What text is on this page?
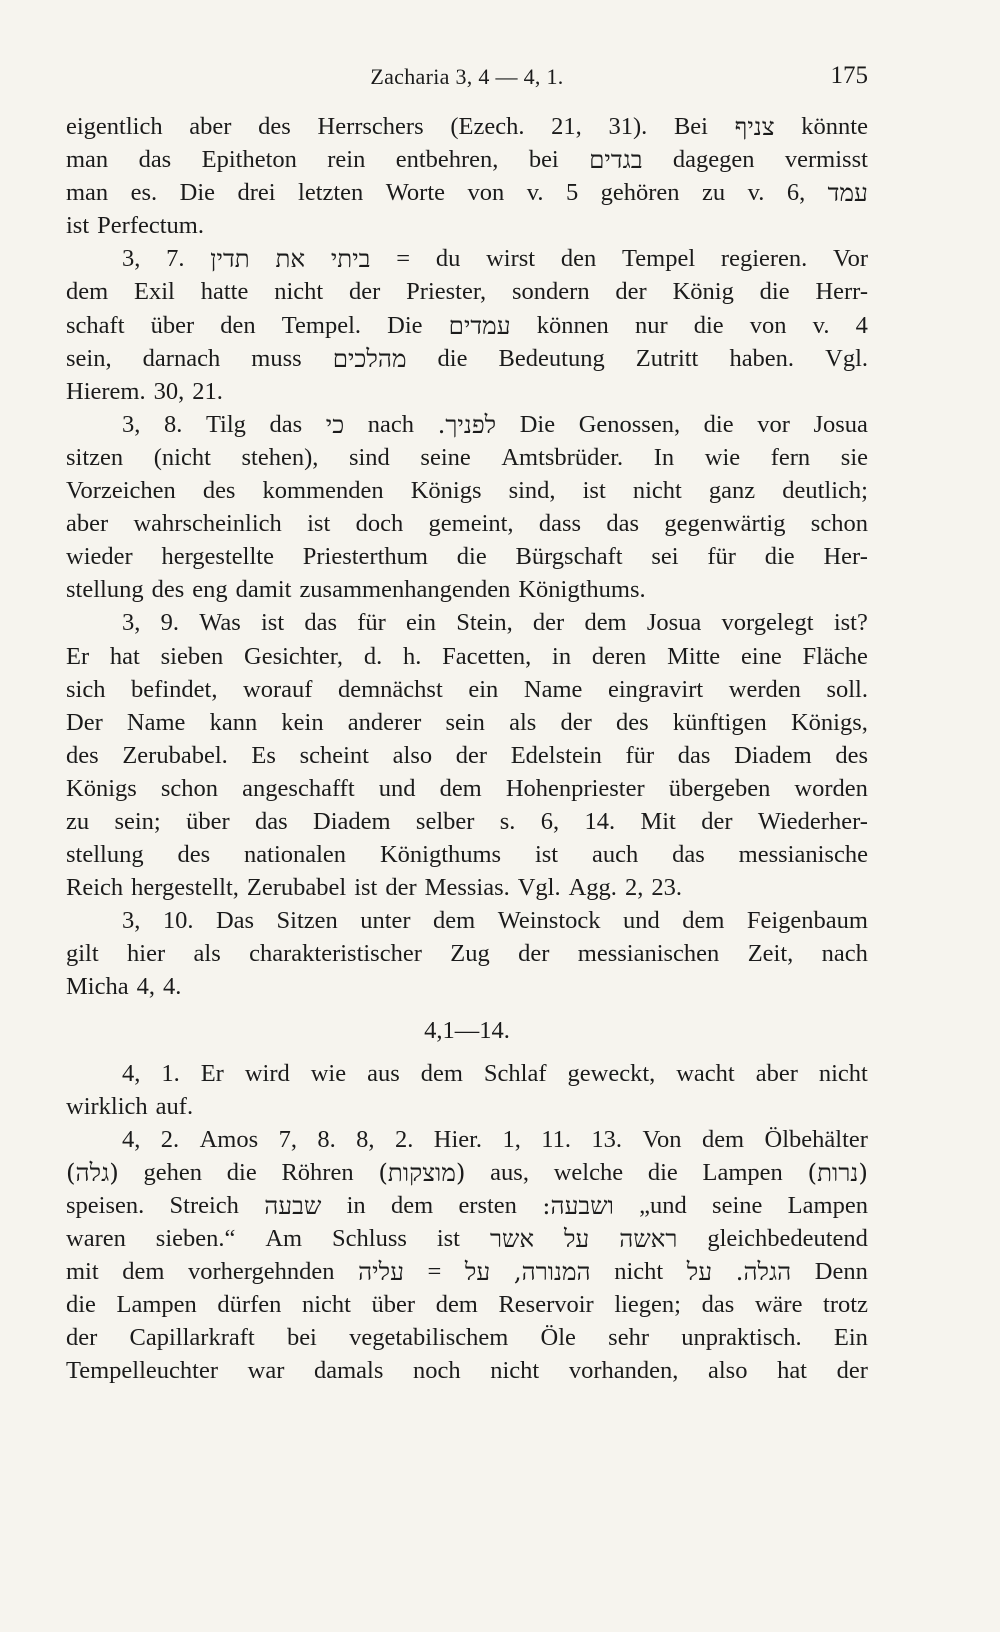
Zacharia 3, 4 — 4, 1.	175
eigentlich aber des Herrschers (Ezech. 21, 31). Bei צניף könnte
man das Epitheton rein entbehren, bei בגדים dagegen vermisst
man es. Die drei letzten Worte von v. 5 gehören zu v. 6, עמד
ist Perfectum.
3, 7. תדין את ביתי = du wirst den Tempel regieren. Vor
dem Exil hatte nicht der Priester, sondern der König die Herr-
schaft über den Tempel. Die עמדים können nur die von v. 4
sein, darnach muss מהלכים die Bedeutung Zutritt haben. Vgl.
Hierem. 30, 21.
3, 8. Tilg das כי nach לפניך. Die Genossen, die vor Josua
sitzen (nicht stehen), sind seine Amtsbrüder. In wie fern sie
Vorzeichen des kommenden Königs sind, ist nicht ganz deutlich;
aber wahrscheinlich ist doch gemeint, dass das gegenwärtig schon
wieder hergestellte Priesterthum die Bürgschaft sei für die Her-
stellung des eng damit zusammenhangenden Königthums.
3, 9. Was ist das für ein Stein, der dem Josua vorgelegt ist?
Er hat sieben Gesichter, d. h. Facetten, in deren Mitte eine Fläche
sich befindet, worauf demnächst ein Name eingravirt werden soll.
Der Name kann kein anderer sein als der des künftigen Königs,
des Zerubabel. Es scheint also der Edelstein für das Diadem des
Königs schon angeschafft und dem Hohenpriester übergeben worden
zu sein; über das Diadem selber s. 6, 14. Mit der Wiederher-
stellung des nationalen Königthums ist auch das messianische
Reich hergestellt, Zerubabel ist der Messias. Vgl. Agg. 2, 23.
3, 10. Das Sitzen unter dem Weinstock und dem Feigenbaum
gilt hier als charakteristischer Zug der messianischen Zeit, nach
Micha 4, 4.
4, 1—14.
4, 1. Er wird wie aus dem Schlaf geweckt, wacht aber nicht
wirklich auf.
4, 2. Amos 7, 8. 8, 2. Hier. 1, 11. 13. Von dem Ölbehälter
(גלה) gehen die Röhren (מוצקות) aus, welche die Lampen (נרות)
speisen. Streich שבעה in dem ersten ושבעה: „und seine Lampen
waren sieben.“ Am Schluss ist אשר על ראשה gleichbedeutend
mit dem vorhergehnden עליה = על המנורה, nicht על הגלה. Denn
die Lampen dürfen nicht über dem Reservoir liegen; das wäre trotz
der Capillarkraft bei vegetabilischem Öle sehr unpraktisch. Ein
Tempelleuchter war damals noch nicht vorhanden, also hat der
